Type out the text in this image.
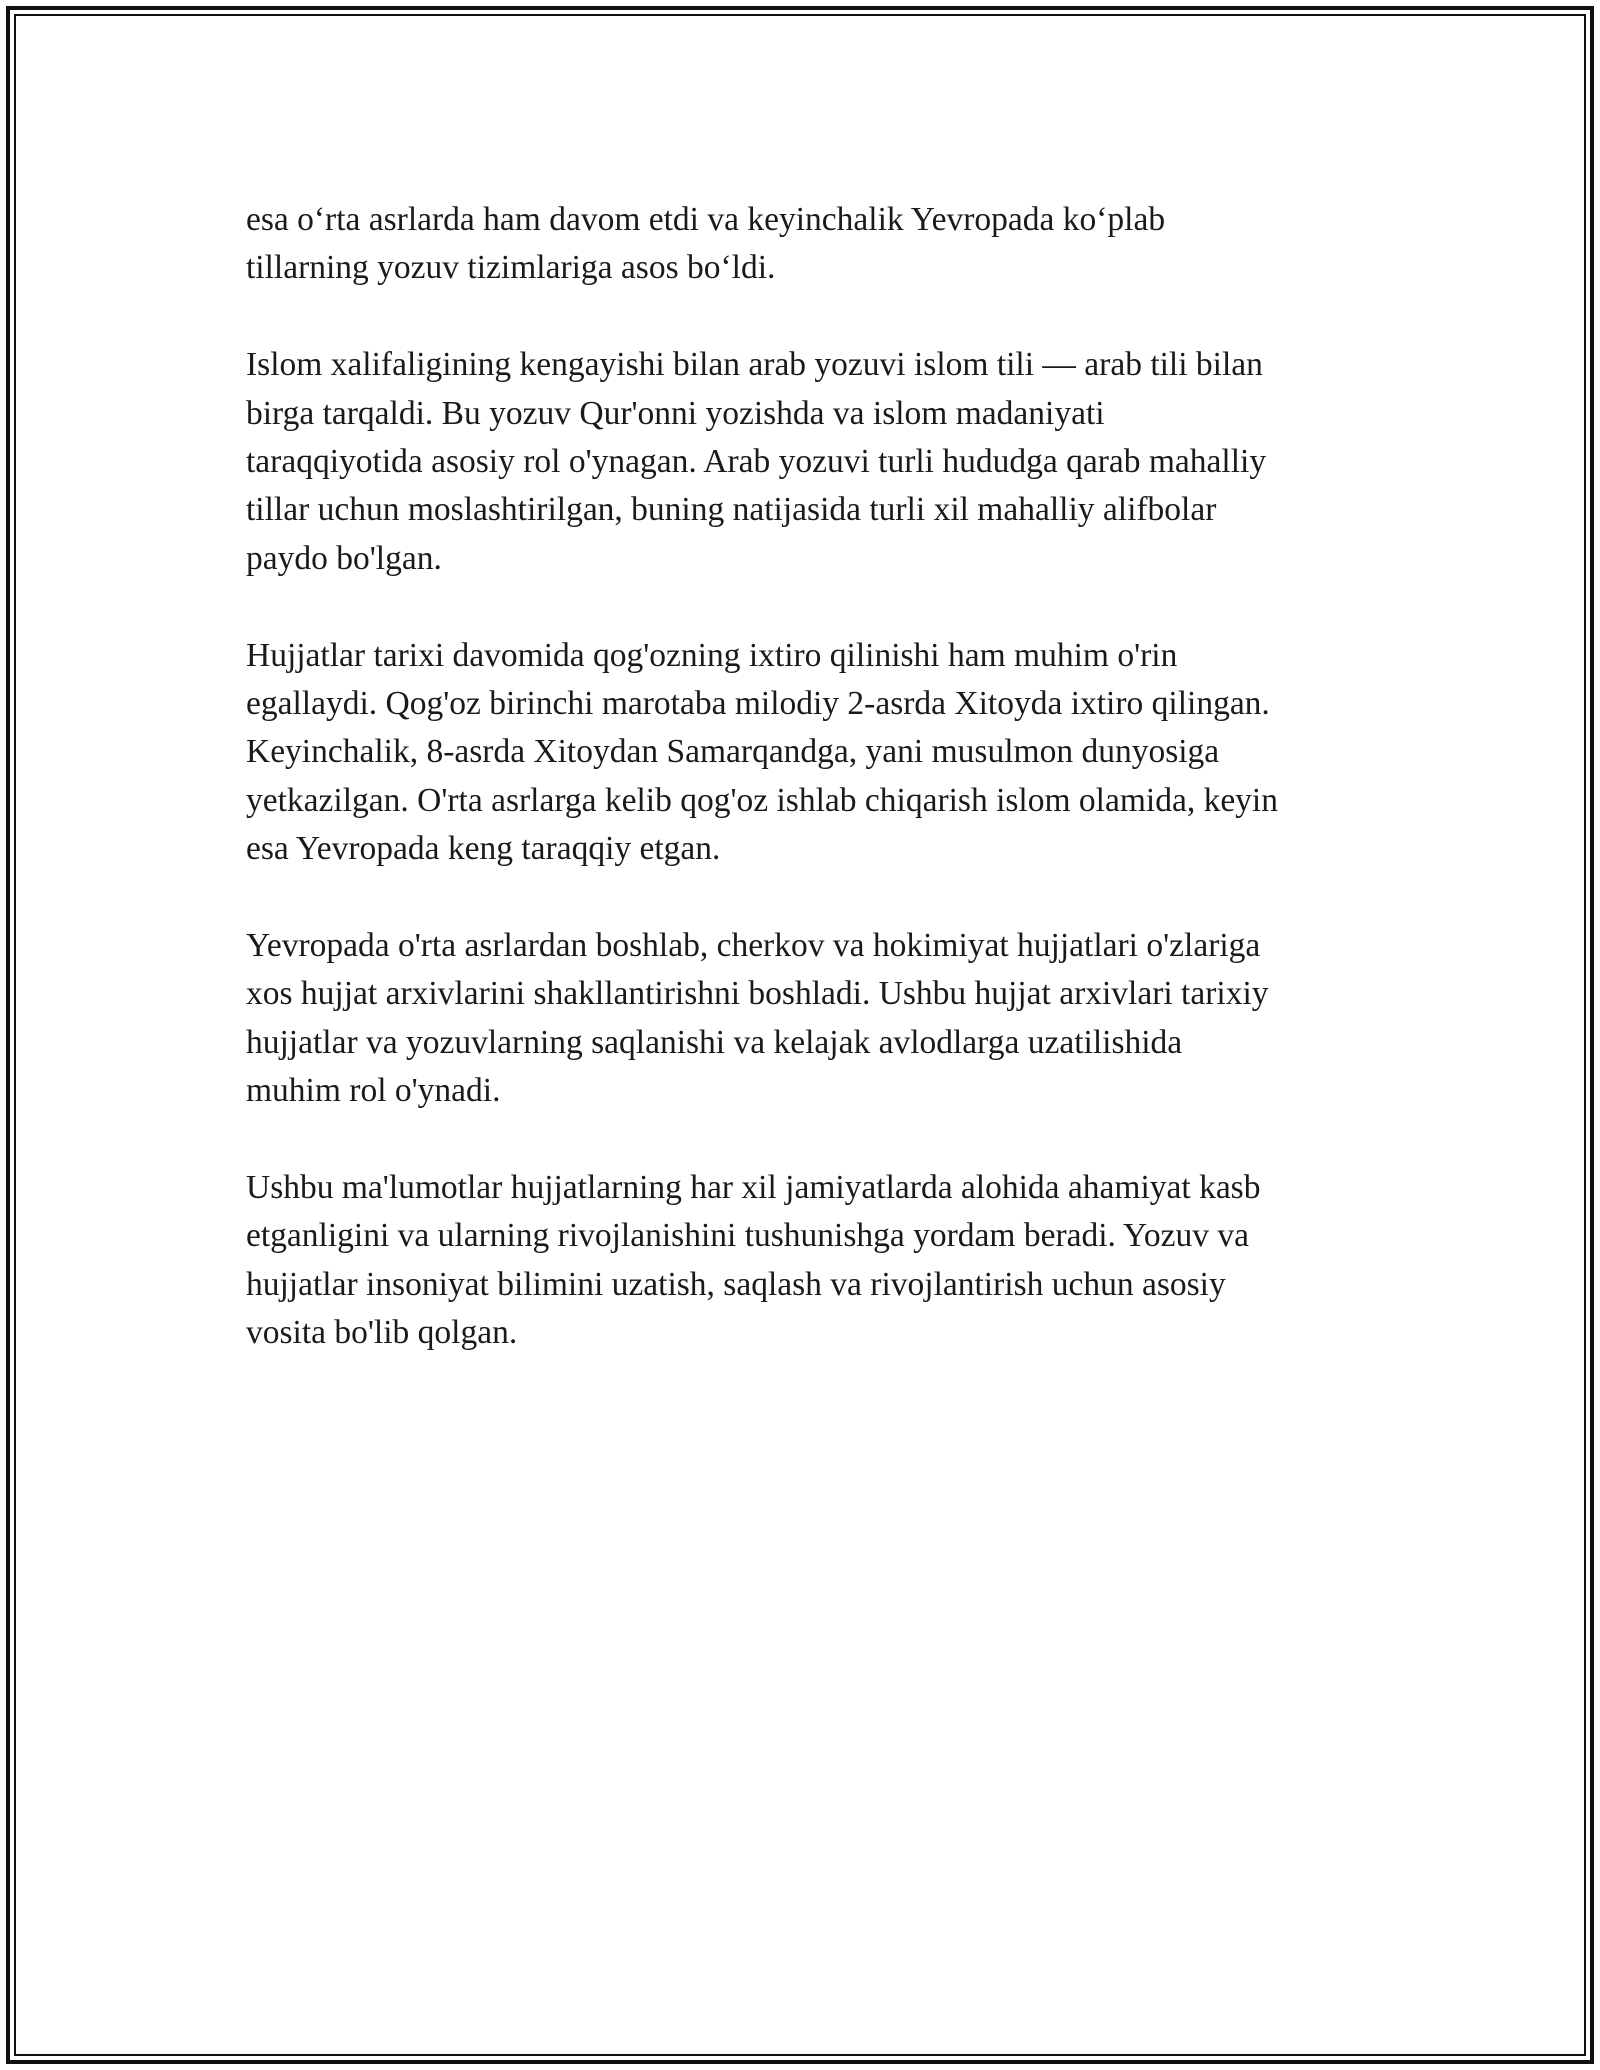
esa o‘rta asrlarda ham davom etdi va keyinchalik Yevropada ko‘plab
tillarning yozuv tizimlariga asos bo‘ldi.

Islom xalifaligining kengayishi bilan arab yozuvi islom tili — arab tili bilan
birga tarqaldi. Bu yozuv Qur'onni yozishda va islom madaniyati
taraqqiyotida asosiy rol o'ynagan. Arab yozuvi turli hududga qarab mahalliy
tillar uchun moslashtirilgan, buning natijasida turli xil mahalliy alifbolar
paydo bo'lgan.

Hujjatlar tarixi davomida qog'ozning ixtiro qilinishi ham muhim o'rin
egallaydi. Qog'oz birinchi marotaba milodiy 2-asrda Xitoyda ixtiro qilingan.
Keyinchalik, 8-asrda Xitoydan Samarqandga, yani musulmon dunyosiga
yetkazilgan. O'rta asrlarga kelib qog'oz ishlab chiqarish islom olamida, keyin
esa Yevropada keng taraqqiy etgan.

Yevropada o'rta asrlardan boshlab, cherkov va hokimiyat hujjatlari o'zlariga
xos hujjat arxivlarini shakllantirishni boshladi. Ushbu hujjat arxivlari tarixiy
hujjatlar va yozuvlarning saqlanishi va kelajak avlodlarga uzatilishida
muhim rol o'ynadi.

Ushbu ma'lumotlar hujjatlarning har xil jamiyatlarda alohida ahamiyat kasb
etganligini va ularning rivojlanishini tushunishga yordam beradi. Yozuv va
hujjatlar insoniyat bilimini uzatish, saqlash va rivojlantirish uchun asosiy
vosita bo'lib qolgan.
